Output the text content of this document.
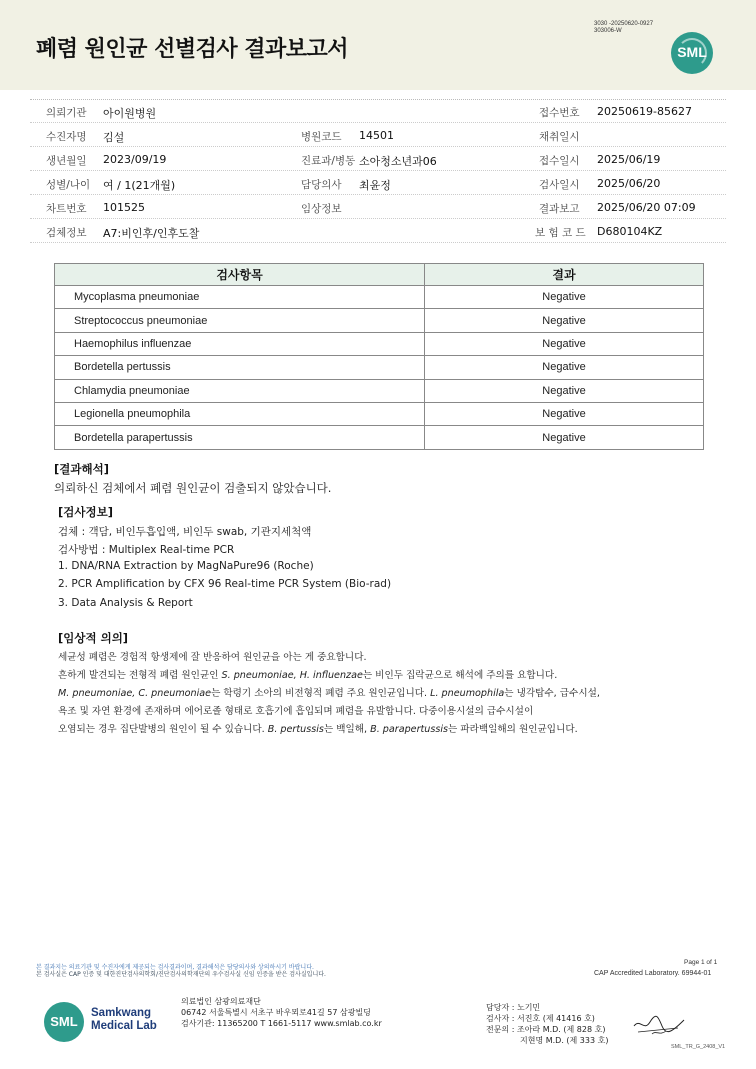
폐렴 원인균 선별검사 결과보고서
3030 -20250620-0927
303006-W
SML
의뢰기관 아이원병원	접수번호 20250619-85627
수진자명 김설	병원코드 14501	채취일시
생년월일 2023/09/19	진료과/병동 소아청소년과06	접수일시 2025/06/19
성별/나이 여 / 1(21개월)	담당의사 최윤정	검사일시 2025/06/20
차트번호 101525	임상정보	결과보고 2025/06/20 07:09
검체정보 A7:비인후/인후도찰	보 험 코 드 D680104KZ
검사항목	결과
Mycoplasma pneumoniae	Negative
Streptococcus pneumoniae	Negative
Haemophilus influenzae	Negative
Bordetella pertussis	Negative
Chlamydia pneumoniae	Negative
Legionella pneumophila	Negative
Bordetella parapertussis	Negative
[결과해석]
의뢰하신 검체에서 폐렴 원인균이 검출되지 않았습니다.
[검사정보]
검체 : 객담, 비인두흡입액, 비인두 swab, 기관지세척액
검사방법 : Multiplex Real-time PCR
1. DNA/RNA Extraction by MagNaPure96 (Roche)
2. PCR Amplification by CFX 96 Real-time PCR System (Bio-rad)
3. Data Analysis & Report
[임상적 의의]
세균성 폐렴은 경험적 항생제에 잘 반응하여 원인균을 아는 게 중요합니다.
흔하게 발견되는 전형적 폐렴 원인균인 S. pneumoniae, H. influenzae는 비인두 집락균으로 해석에 주의를 요합니다.
M. pneumoniae, C. pneumoniae는 학령기 소아의 비전형적 폐렴 주요 원인균입니다. L. pneumophila는 냉각탑수, 급수시설,
욕조 및 자연 환경에 존재하며 에어로졸 형태로 호흡기에 흡입되며 폐렴을 유발합니다. 다중이용시설의 급수시설이
오염되는 경우 집단발병의 원인이 될 수 있습니다. B. pertussis는 백일해, B. parapertussis는 파라백일해의 원인균입니다.
본 결과지는 의료기관 및 수진자에게 제공되는 검사결과이며, 결과해석은 담당의사와 상의하시기 바랍니다.
본 검사실은 CAP 인증 및 대한진단검사의학회/진단검사의학재단의 우수검사실 신임 인증을 받은 검사실입니다.
Page 1 of 1
CAP Accredited Laboratory. 69944-01
SML
Samkwang
Medical Lab
의료법인 삼광의료재단
06742 서울특별시 서초구 바우뫼로41길 57 삼광빌딩
검사기관: 11365200 T 1661-5117 www.smlab.co.kr
담당자 : 노기민
검사자 : 서진호 (제 41416 호)
전문의 : 조아라 M.D. (제 828 호)
지현명 M.D. (제 333 호)
SML_TR_G_2408_V1
